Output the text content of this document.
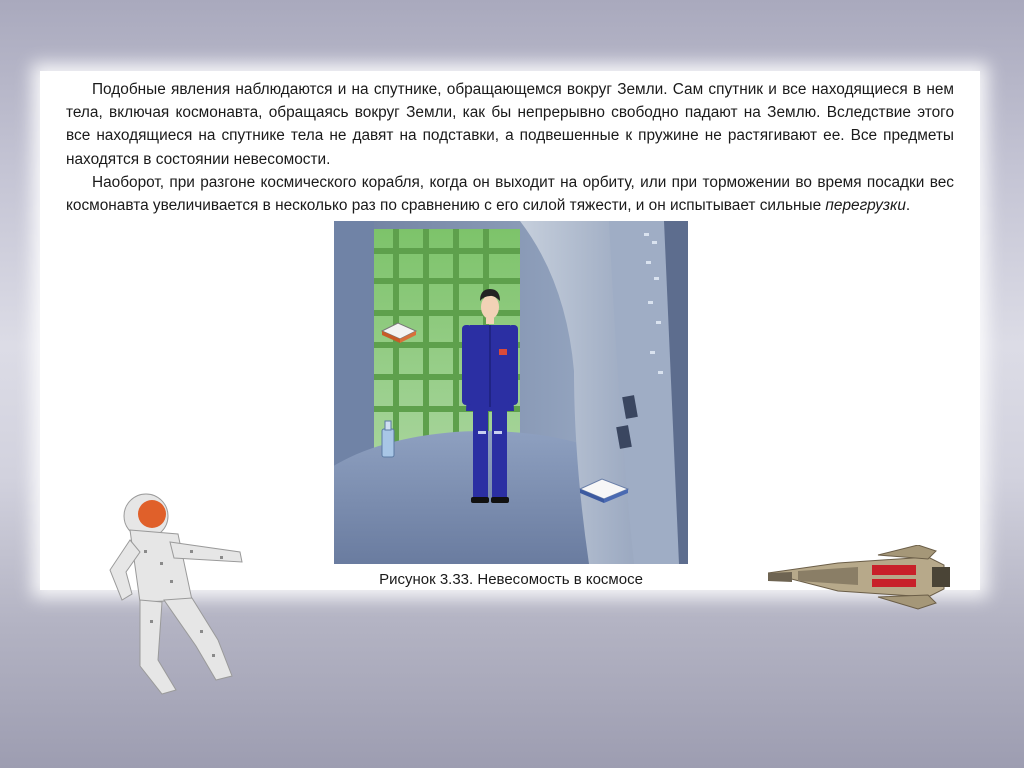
Подобные явления наблюдаются и на спутнике, обращающемся вокруг Земли. Сам спутник и все находящиеся в нем тела, включая космонавта, обращаясь вокруг Земли, как бы непрерывно свободно падают на Землю. Вследствие этого все находящиеся на спутнике тела не давят на подставки, а подвешенные к пружине не растягивают ее. Все предметы находятся в состоянии невесомости.

Наоборот, при разгоне космического корабля, когда он выходит на орбиту, или при торможении во время посадки вес космонавта увеличивается в несколько раз по сравнению с его силой тяжести, и он испытывает сильные перегрузки.

Рисунок 3.33. Невесомость в космосе
